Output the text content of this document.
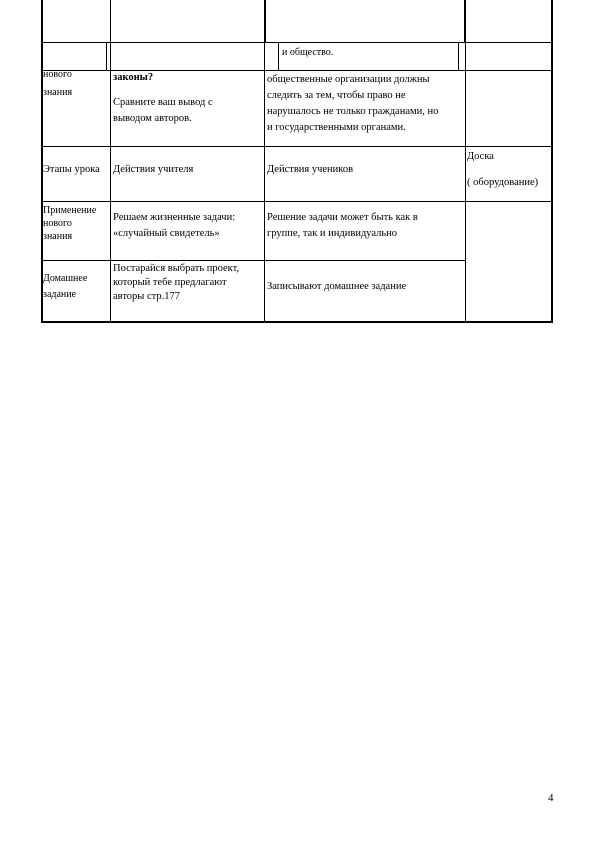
и общество.
нового
знания
законы?
Сравните ваш вывод с
выводом авторов.
общественные организации должны
следить за тем, чтобы право не
нарушалось не только гражданами, но
и государственными органами.
Этапы урока Действия учителя	Действия учеников
Доска
( оборудование)
Применение
нового
знания
Решаем жизненные задачи:
«случайный свидетель»
Решение задачи может быть как в
группе, так и индивидуально
Домашнее
задание
Постарайся выбрать проект,
который тебе предлагают
авторы стр.177
Записывают домашнее задание
4
